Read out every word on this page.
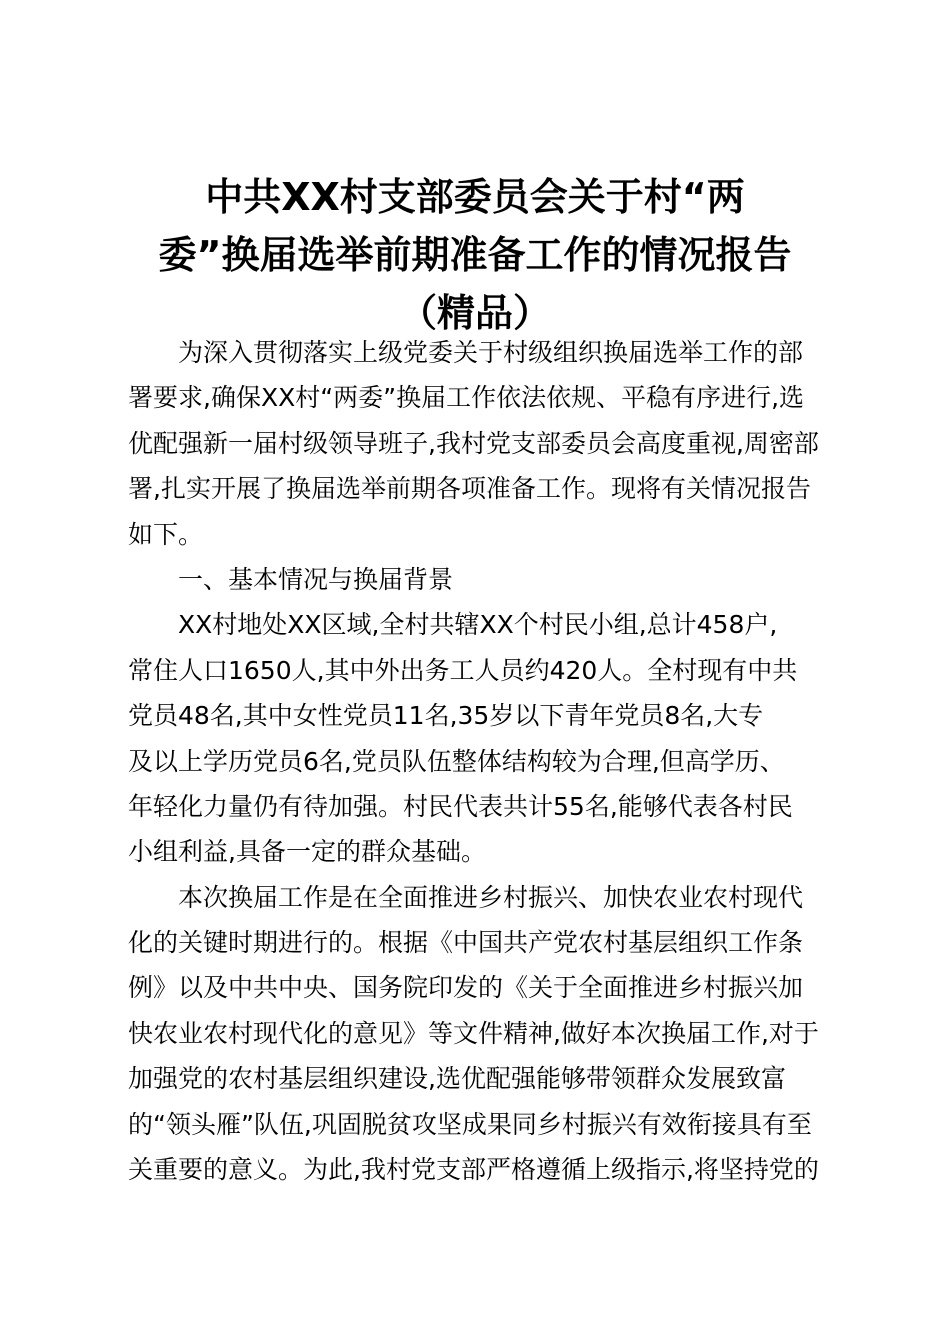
中共XX村支部委员会关于村“两
委”换届选举前期准备工作的情况报告
（精品）
为深入贯彻落实上级党委关于村级组织换届选举工作的部
署要求,确保XX村“两委”换届工作依法依规、平稳有序进行,选
优配强新一届村级领导班子,我村党支部委员会高度重视,周密部
署,扎实开展了换届选举前期各项准备工作。现将有关情况报告
如下。
一、基本情况与换届背景
XX村地处XX区域,全村共辖XX个村民小组,总计458户,
常住人口1650人,其中外出务工人员约420人。全村现有中共
党员48名,其中女性党员11名,35岁以下青年党员8名,大专
及以上学历党员6名,党员队伍整体结构较为合理,但高学历、
年轻化力量仍有待加强。村民代表共计55名,能够代表各村民
小组利益,具备一定的群众基础。
本次换届工作是在全面推进乡村振兴、加快农业农村现代
化的关键时期进行的。根据《中国共产党农村基层组织工作条
例》以及中共中央、国务院印发的《关于全面推进乡村振兴加
快农业农村现代化的意见》等文件精神,做好本次换届工作,对于
加强党的农村基层组织建设,选优配强能够带领群众发展致富
的“领头雁”队伍,巩固脱贫攻坚成果同乡村振兴有效衔接具有至
关重要的意义。为此,我村党支部严格遵循上级指示,将坚持党的
